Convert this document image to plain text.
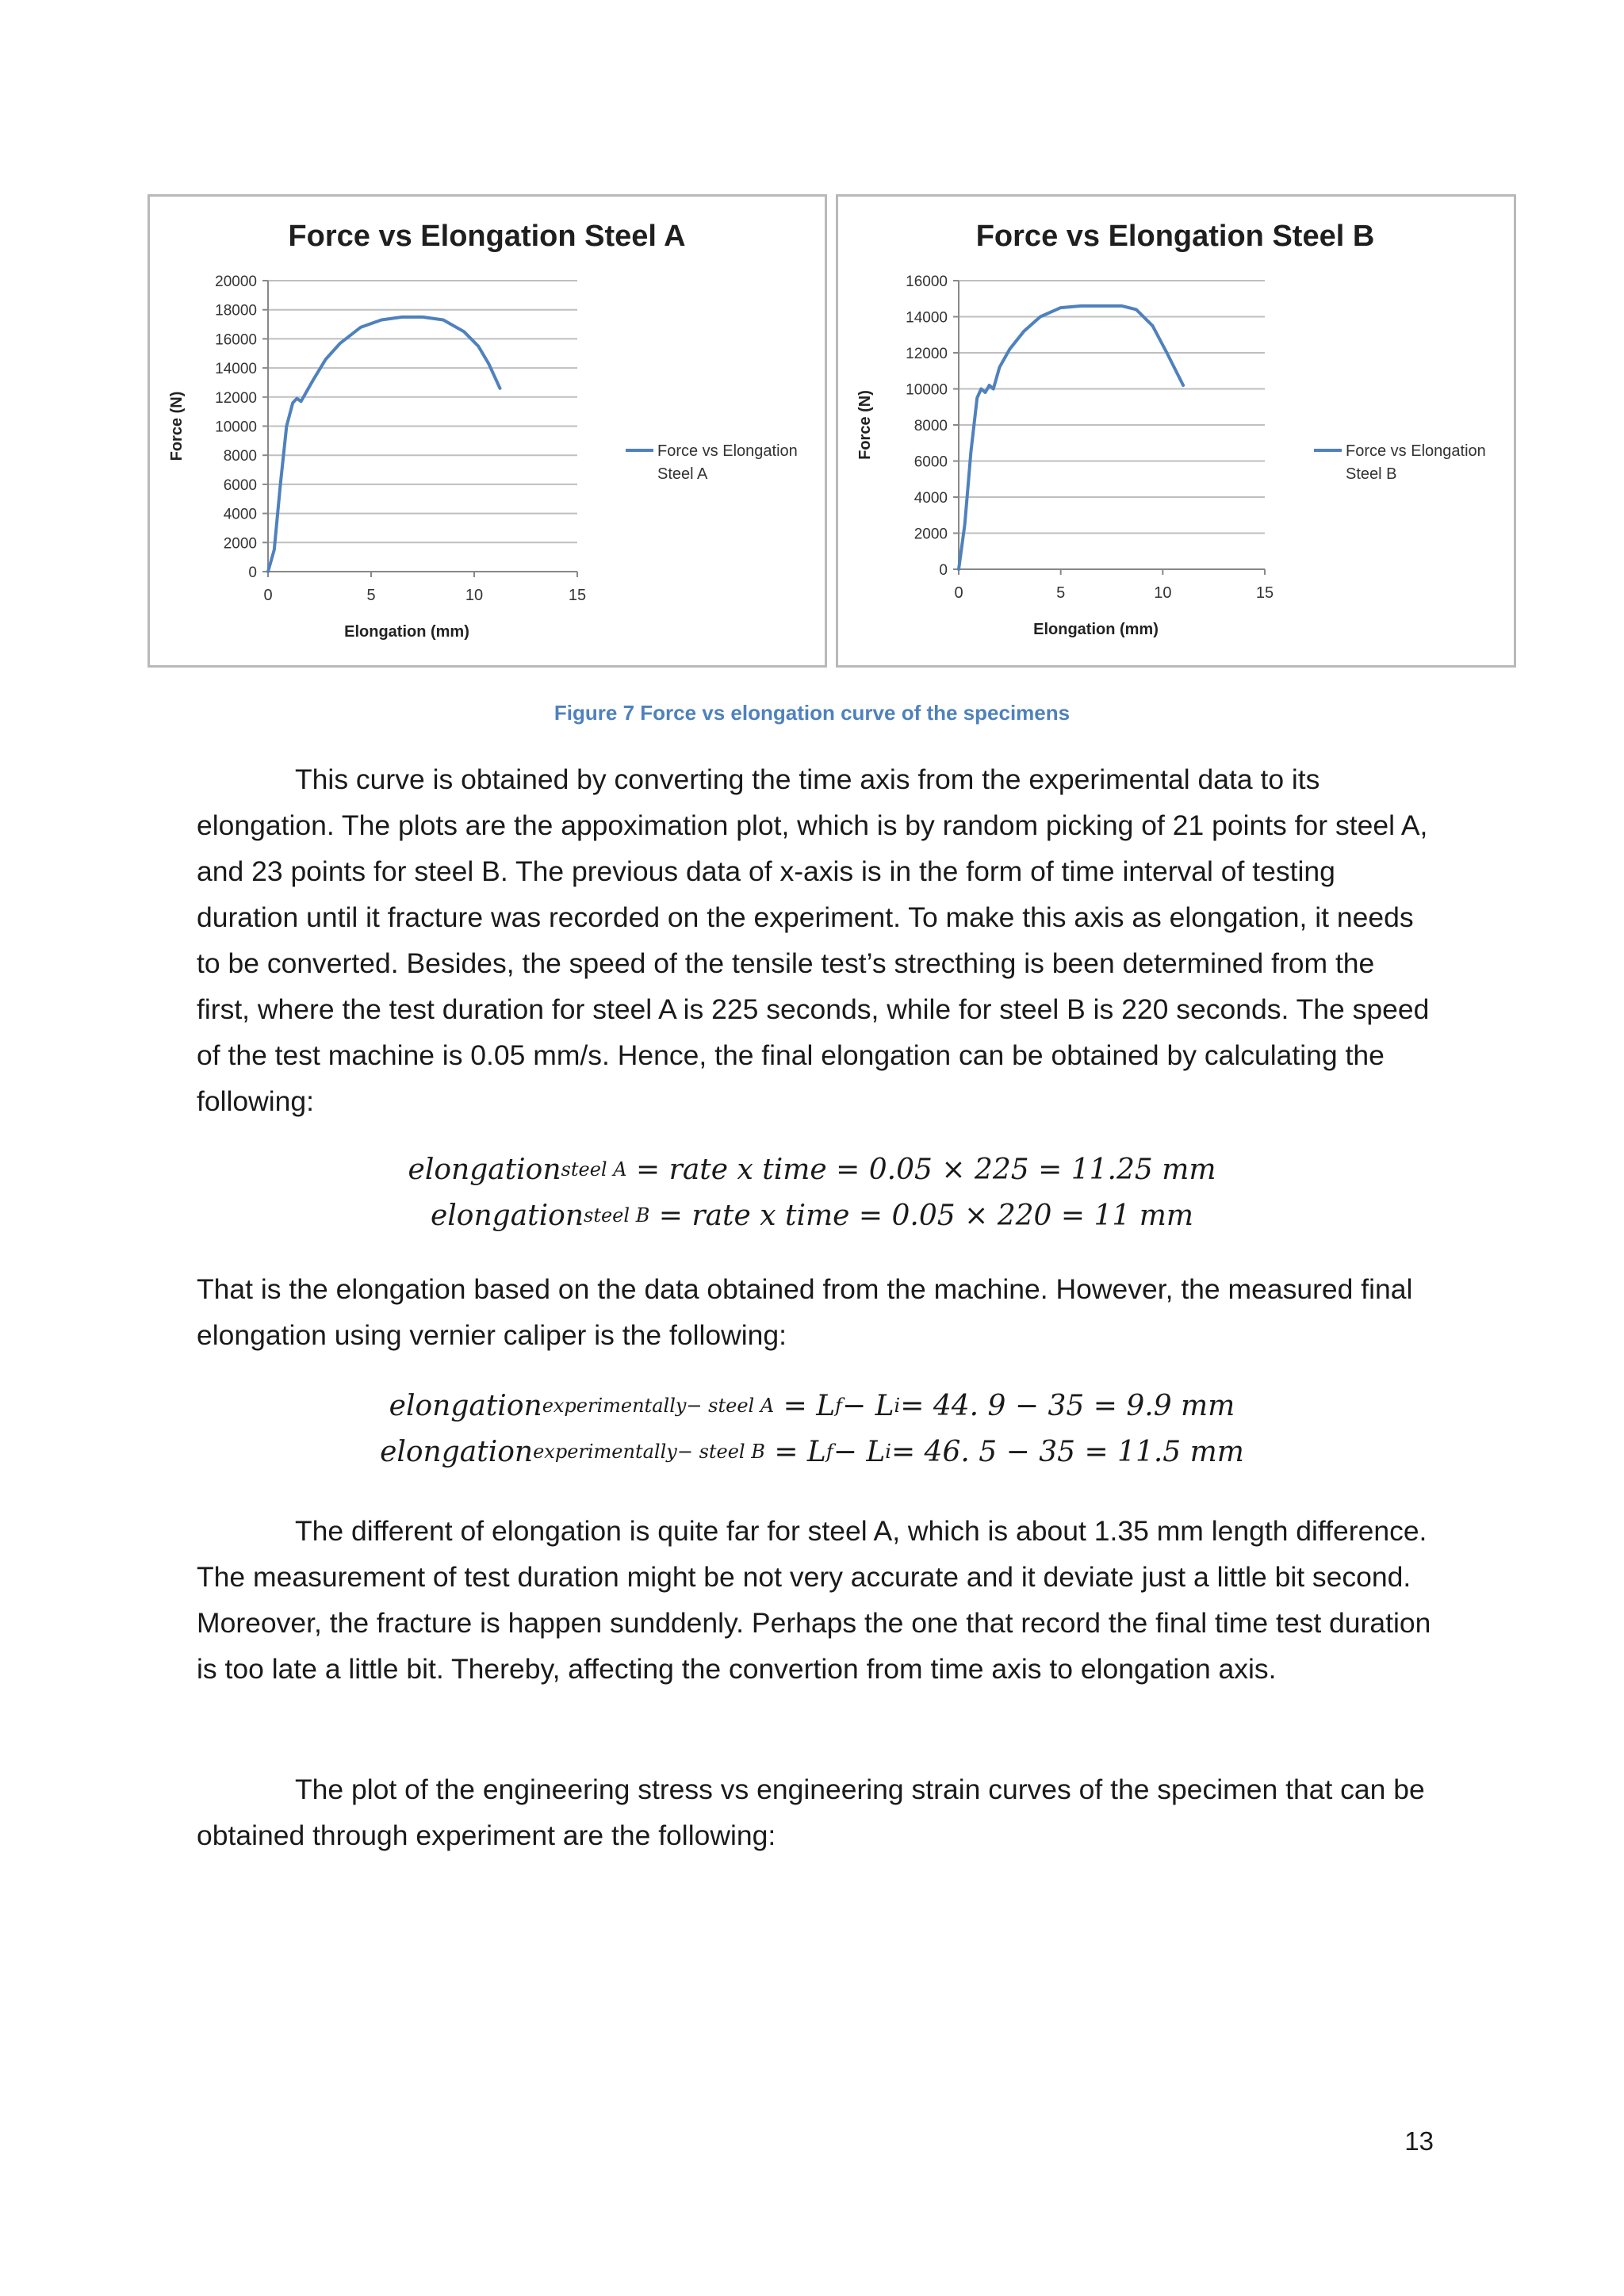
Force vs Elongation Steel A
0
2000
4000
6000
8000
10000
12000
14000
16000
18000
20000
0	5	10	15
Elongation (mm)
Force (N)	Force vs Elongation
Steel A
Force vs Elongation Steel B
0
2000
4000
6000
8000
10000
12000
14000
16000
0	5	10	15
Elongation (mm)
Force (N)	Force vs Elongation
Steel B
Figure 7 Force vs elongation curve of the specimens

This curve is obtained by converting the time axis from the experimental data to its elongation. The plots are the appoximation plot, which is by random picking of 21 points for steel A, and 23 points for steel B. The previous data of x-axis is in the form of time interval of testing duration until it fracture was recorded on the experiment. To make this axis as elongation, it needs to be converted. Besides, the speed of the tensile test’s strecthing is been determined from the first, where the test duration for steel A is 225 seconds, while for steel B is 220 seconds. The speed of the test machine is 0.05 mm/s. Hence, the final elongation can be obtained by calculating the following:

elongation steel A
= rate x time = 0.05 × 225 = 11.25 mm
elongation steel B
= rate x time = 0.05 × 220 = 11 mm

That is the elongation based on the data obtained from the machine. However, the measured final elongation using vernier caliper is the following:

elongation experimentally− steel A
= L f − L i = 44. 9 − 35 = 9.9 mm
elongation experimentally− steel B
= L f − L i = 46. 5 − 35 = 11.5 mm

The different of elongation is quite far for steel A, which is about 1.35 mm length difference. The measurement of test duration might be not very accurate and it deviate just a little bit second. Moreover, the fracture is happen sunddenly. Perhaps the one that record the final time test duration is too late a little bit. Thereby, affecting the convertion from time axis to elongation axis.

The plot of the engineering stress vs engineering strain curves of the specimen that can be obtained through experiment are the following:

13
